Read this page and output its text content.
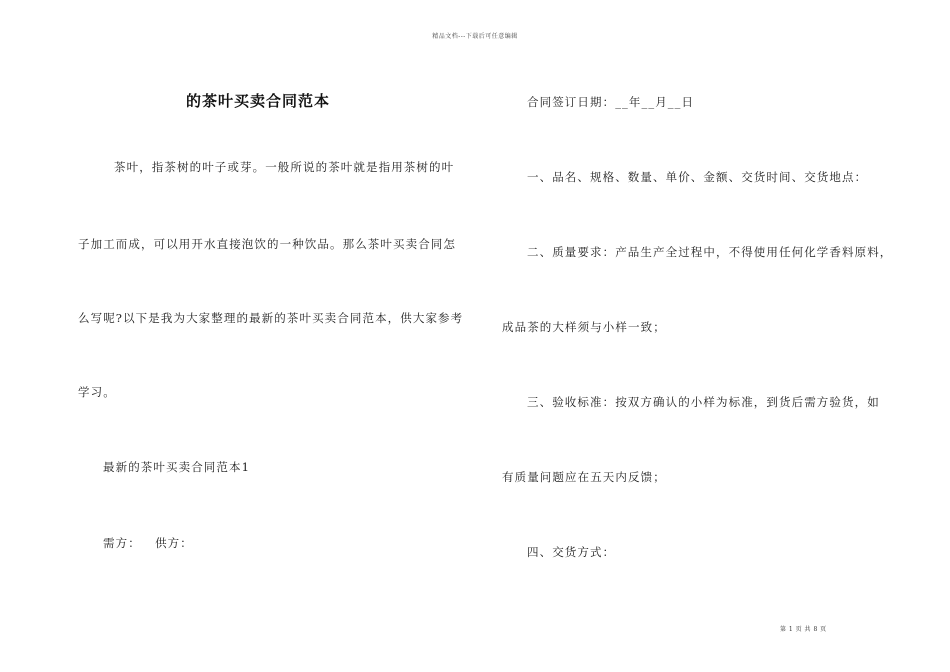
精品文档---下载后可任意编辑
的茶叶买卖合同范本
茶叶，指茶树的叶子或芽。一般所说的茶叶就是指用茶树的叶
子加工而成，可以用开水直接泡饮的一种饮品。那么茶叶买卖合同怎
么写呢?以下是我为大家整理的最新的茶叶买卖合同范本，供大家参考
学习。
最新的茶叶买卖合同范本1
需方：   供方：
合同签订日期：__年__月__日
一、品名、规格、数量、单价、金额、交货时间、交货地点：
二、质量要求：产品生产全过程中，不得使用任何化学香料原料，
成品茶的大样须与小样一致；
三、验收标准：按双方确认的小样为标准，到货后需方验货，如
有质量问题应在五天内反馈；
四、交货方式：
第 1 页 共 8 页
